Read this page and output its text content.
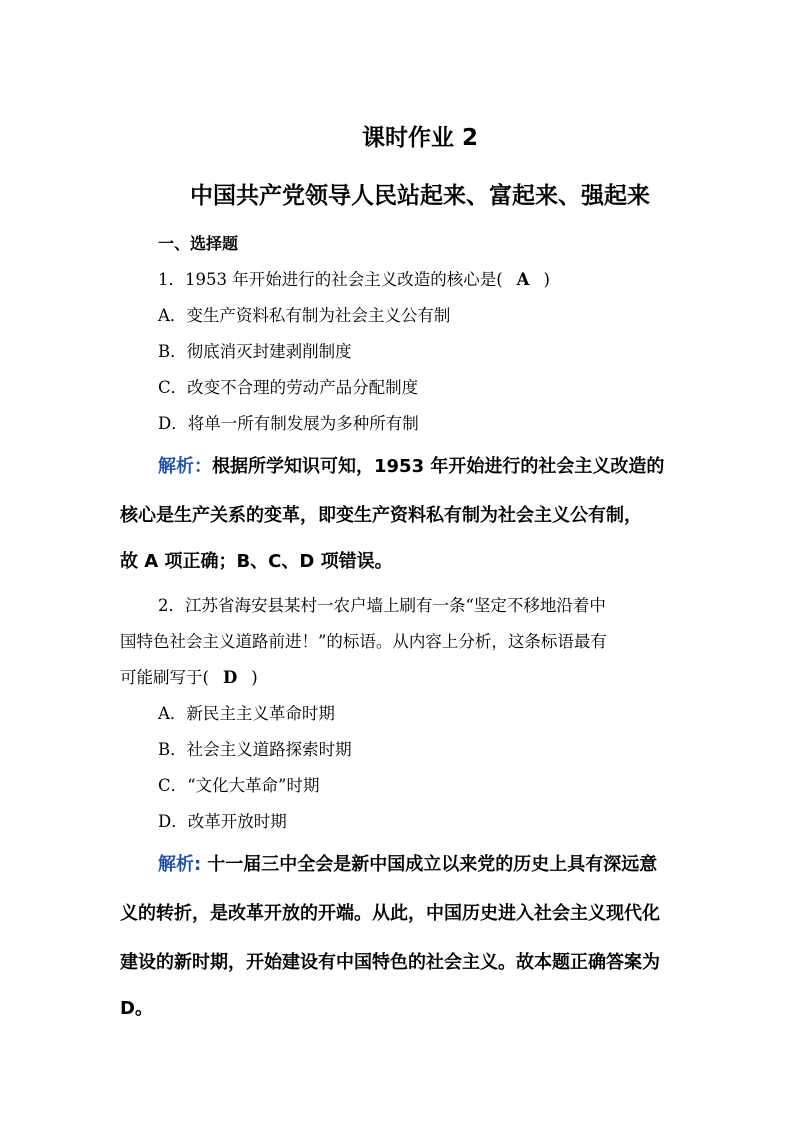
课时作业 2
中国共产党领导人民站起来、富起来、强起来
一、选择题
1．1953 年开始进行的社会主义改造的核心是( A )
A．变生产资料私有制为社会主义公有制
B．彻底消灭封建剥削制度
C．改变不合理的劳动产品分配制度
D．将单一所有制发展为多种所有制
解析：根据所学知识可知，1953 年开始进行的社会主义改造的
核心是生产关系的变革，即变生产资料私有制为社会主义公有制，
故 A 项正确；B、C、D 项错误。
2．江苏省海安县某村一农户墙上刷有一条“坚定不移地沿着中
国特色社会主义道路前进！”的标语。从内容上分析，这条标语最有
可能刷写于( D )
A．新民主主义革命时期
B．社会主义道路探索时期
C．“文化大革命”时期
D．改革开放时期
解析: 十一届三中全会是新中国成立以来党的历史上具有深远意
义的转折，是改革开放的开端。从此，中国历史进入社会主义现代化
建设的新时期，开始建设有中国特色的社会主义。故本题正确答案为
D。
